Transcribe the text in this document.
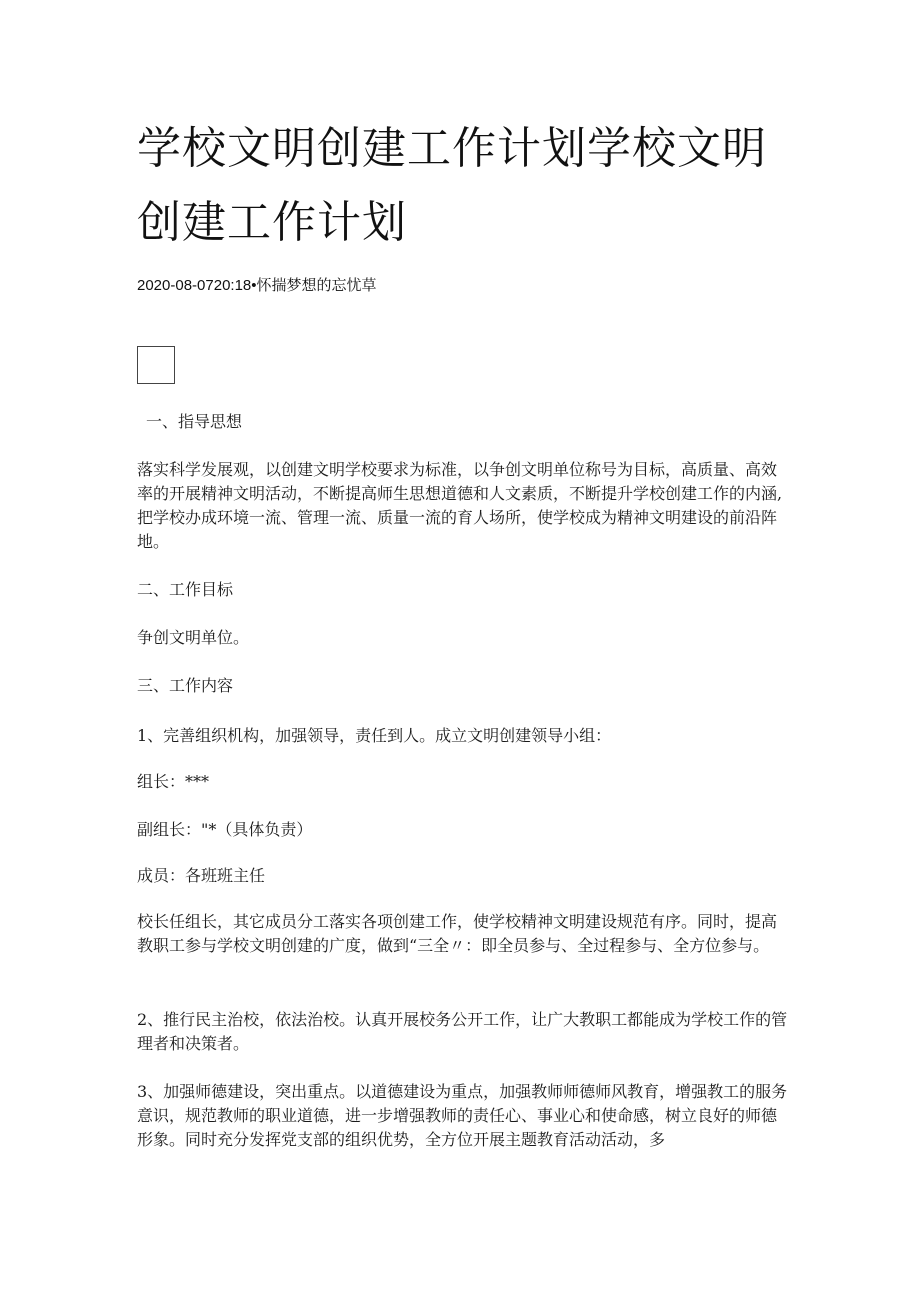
学校文明创建工作计划学校文明创建工作计划
2020-08-0720:18•怀揣梦想的忘忧草

一、指导思想

落实科学发展观，以创建文明学校要求为标准，以争创文明单位称号为目标，高质量、高效率的开展精神文明活动，不断提高师生思想道德和人文素质，不断提升学校创建工作的内涵,把学校办成环境一流、管理一流、质量一流的育人场所，使学校成为精神文明建设的前沿阵地。

二、工作目标

争创文明单位。

三、工作内容

1、完善组织机构，加强领导，责任到人。成立文明创建领导小组：

组长：***

副组长："*（具体负责）

成员：各班班主任

校长任组长，其它成员分工落实各项创建工作，使学校精神文明建设规范有序。同时，提高教职工参与学校文明创建的广度，做到“三全〃：即全员参与、全过程参与、全方位参与。

2、推行民主治校，依法治校。认真开展校务公开工作，让广大教职工都能成为学校工作的管理者和决策者。

3、加强师德建设，突出重点。以道德建设为重点，加强教师师德师风教育，增强教工的服务意识，规范教师的职业道德，进一步增强教师的责任心、事业心和使命感，树立良好的师德形象。同时充分发挥党支部的组织优势，全方位开展主题教育活动活动，多
